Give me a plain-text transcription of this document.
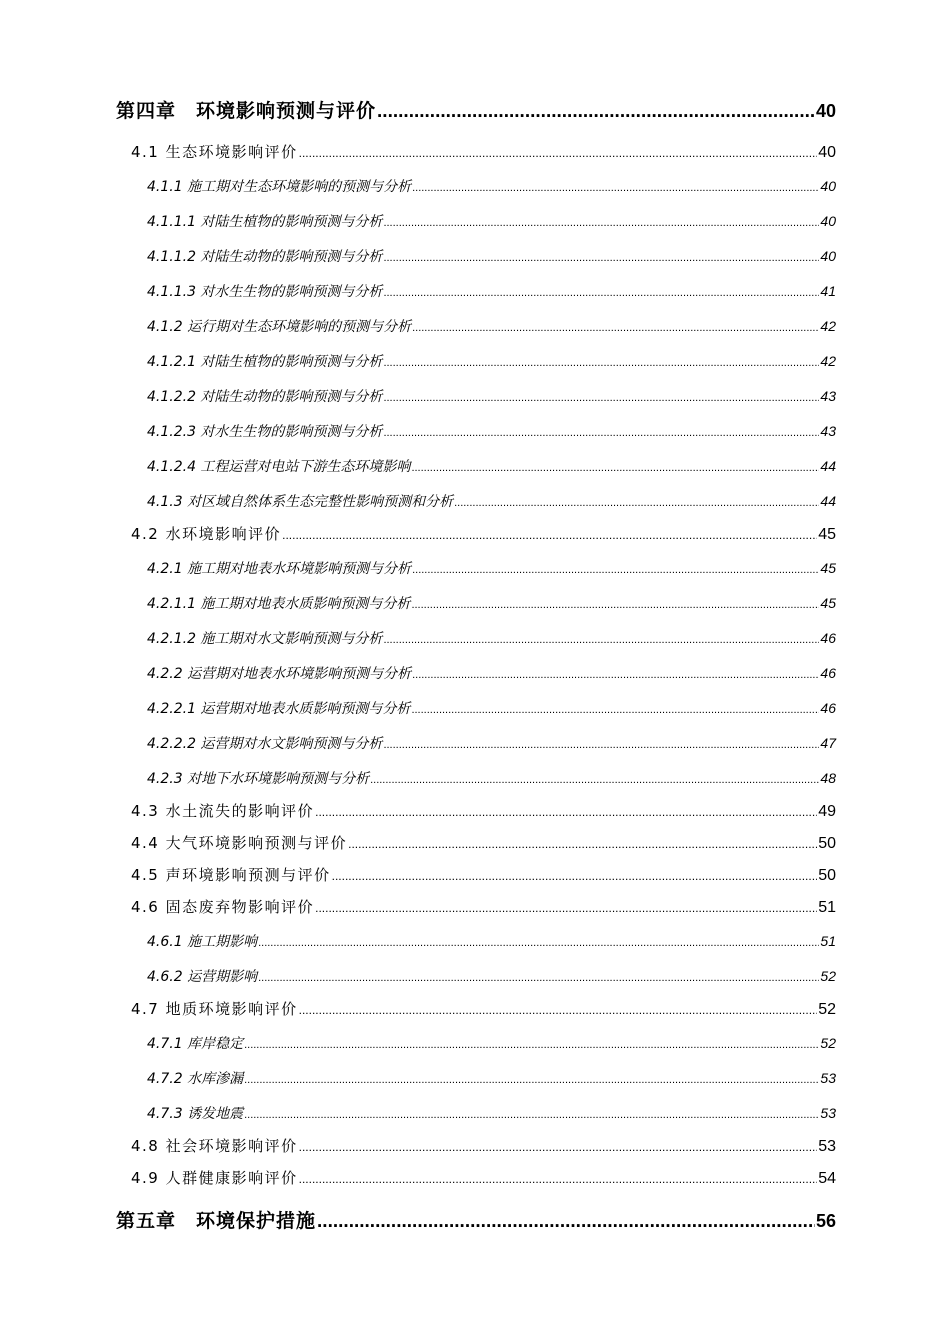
第四章　环境影响预测与评价 .....	40
4.1 生态环境影响评价 .....	40
4.1.1 施工期对生态环境影响的预测与分析 .....	40
4.1.1.1 对陆生植物的影响预测与分析 .....	40
4.1.1.2 对陆生动物的影响预测与分析 .....	40
4.1.1.3 对水生生物的影响预测与分析 .....	41
4.1.2 运行期对生态环境影响的预测与分析 .....	42
4.1.2.1 对陆生植物的影响预测与分析 .....	42
4.1.2.2 对陆生动物的影响预测与分析 .....	43
4.1.2.3 对水生生物的影响预测与分析 .....	43
4.1.2.4 工程运营对电站下游生态环境影响 .....	44
4.1.3 对区域自然体系生态完整性影响预测和分析 .....	44
4.2 水环境影响评价 .....	45
4.2.1 施工期对地表水环境影响预测与分析 .....	45
4.2.1.1 施工期对地表水质影响预测与分析 .....	45
4.2.1.2 施工期对水文影响预测与分析 .....	46
4.2.2 运营期对地表水环境影响预测与分析 .....	46
4.2.2.1 运营期对地表水质影响预测与分析 .....	46
4.2.2.2 运营期对水文影响预测与分析 .....	47
4.2.3 对地下水环境影响预测与分析 .....	48
4.3 水土流失的影响评价 .....	49
4.4 大气环境影响预测与评价 .....	50
4.5 声环境影响预测与评价 .....	50
4.6 固态废弃物影响评价 .....	51
4.6.1 施工期影响 .....	51
4.6.2 运营期影响 .....	52
4.7 地质环境影响评价 .....	52
4.7.1 库岸稳定 .....	52
4.7.2 水库渗漏 .....	53
4.7.3 诱发地震 .....	53
4.8 社会环境影响评价 .....	53
4.9 人群健康影响评价 .....	54
第五章　环境保护措施 .....	56
